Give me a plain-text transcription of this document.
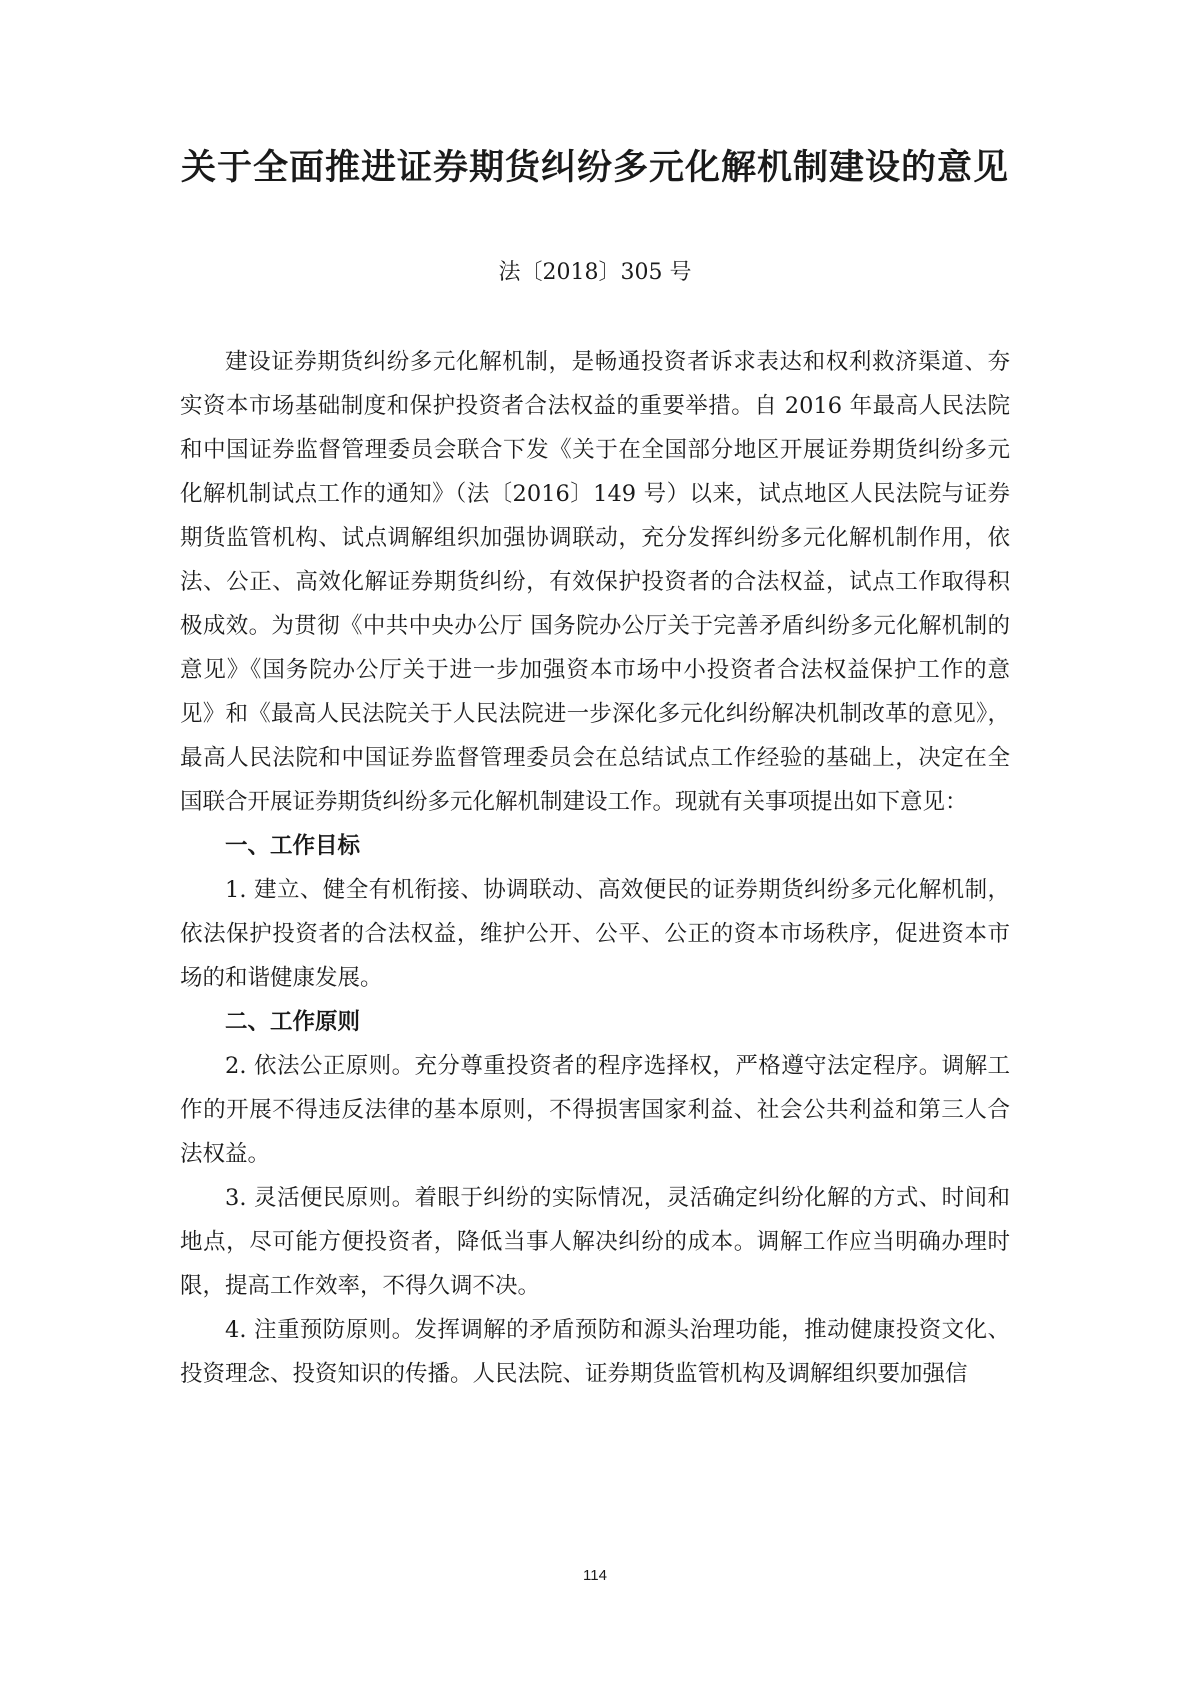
关于全面推进证券期货纠纷多元化解机制建设的意见

法〔2018〕305 号

建设证券期货纠纷多元化解机制，是畅通投资者诉求表达和权利救济渠道、夯实资本市场基础制度和保护投资者合法权益的重要举措。自 2016 年最高人民法院和中国证券监督管理委员会联合下发《关于在全国部分地区开展证券期货纠纷多元化解机制试点工作的通知》（法〔2016〕149 号）以来，试点地区人民法院与证券期货监管机构、试点调解组织加强协调联动，充分发挥纠纷多元化解机制作用，依法、公正、高效化解证券期货纠纷，有效保护投资者的合法权益，试点工作取得积极成效。为贯彻《中共中央办公厅 国务院办公厅关于完善矛盾纠纷多元化解机制的意见》《国务院办公厅关于进一步加强资本市场中小投资者合法权益保护工作的意见》和《最高人民法院关于人民法院进一步深化多元化纠纷解决机制改革的意见》，最高人民法院和中国证券监督管理委员会在总结试点工作经验的基础上，决定在全国联合开展证券期货纠纷多元化解机制建设工作。现就有关事项提出如下意见：

一、工作目标

1. 建立、健全有机衔接、协调联动、高效便民的证券期货纠纷多元化解机制，依法保护投资者的合法权益，维护公开、公平、公正的资本市场秩序，促进资本市场的和谐健康发展。

二、工作原则

2. 依法公正原则。充分尊重投资者的程序选择权，严格遵守法定程序。调解工作的开展不得违反法律的基本原则，不得损害国家利益、社会公共利益和第三人合法权益。

3. 灵活便民原则。着眼于纠纷的实际情况，灵活确定纠纷化解的方式、时间和地点，尽可能方便投资者，降低当事人解决纠纷的成本。调解工作应当明确办理时限，提高工作效率，不得久调不决。

4. 注重预防原则。发挥调解的矛盾预防和源头治理功能，推动健康投资文化、投资理念、投资知识的传播。人民法院、证券期货监管机构及调解组织要加强信

114
